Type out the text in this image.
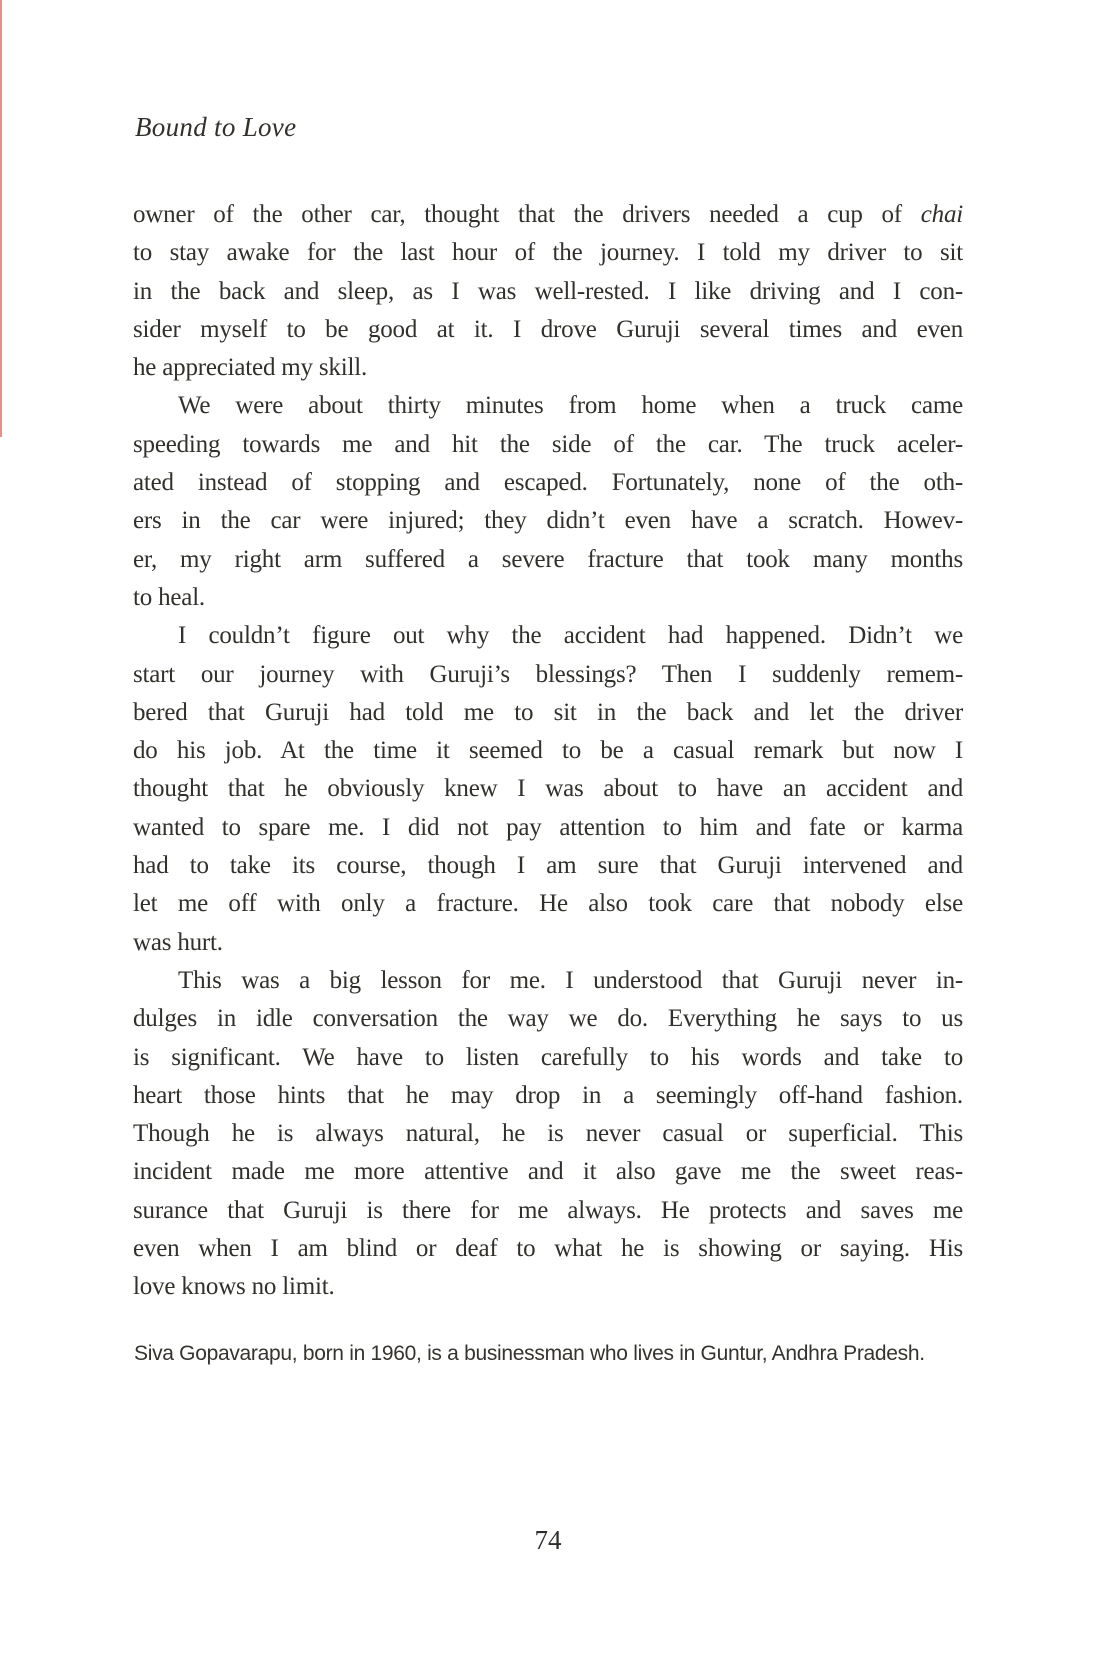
Bound to Love
owner of the other car, thought that the drivers needed a cup of chai
to stay awake for the last hour of the journey. I told my driver to sit
in the back and sleep, as I was well-rested. I like driving and I con-
sider myself to be good at it. I drove Guruji several times and even
he appreciated my skill.
We were about thirty minutes from home when a truck came
speeding towards me and hit the side of the car. The truck aceler-
ated instead of stopping and escaped. Fortunately, none of the oth-
ers in the car were injured; they didn’t even have a scratch. Howev-
er, my right arm suffered a severe fracture that took many months
to heal.
I couldn’t figure out why the accident had happened. Didn’t we
start our journey with Guruji’s blessings? Then I suddenly remem-
bered that Guruji had told me to sit in the back and let the driver
do his job. At the time it seemed to be a casual remark but now I
thought that he obviously knew I was about to have an accident and
wanted to spare me. I did not pay attention to him and fate or karma
had to take its course, though I am sure that Guruji intervened and
let me off with only a fracture. He also took care that nobody else
was hurt.
This was a big lesson for me. I understood that Guruji never in-
dulges in idle conversation the way we do. Everything he says to us
is significant. We have to listen carefully to his words and take to
heart those hints that he may drop in a seemingly off-hand fashion.
Though he is always natural, he is never casual or superficial. This
incident made me more attentive and it also gave me the sweet reas-
surance that Guruji is there for me always. He protects and saves me
even when I am blind or deaf to what he is showing or saying. His
love knows no limit.
Siva Gopavarapu, born in 1960, is a businessman who lives in Guntur, Andhra Pradesh.
74
